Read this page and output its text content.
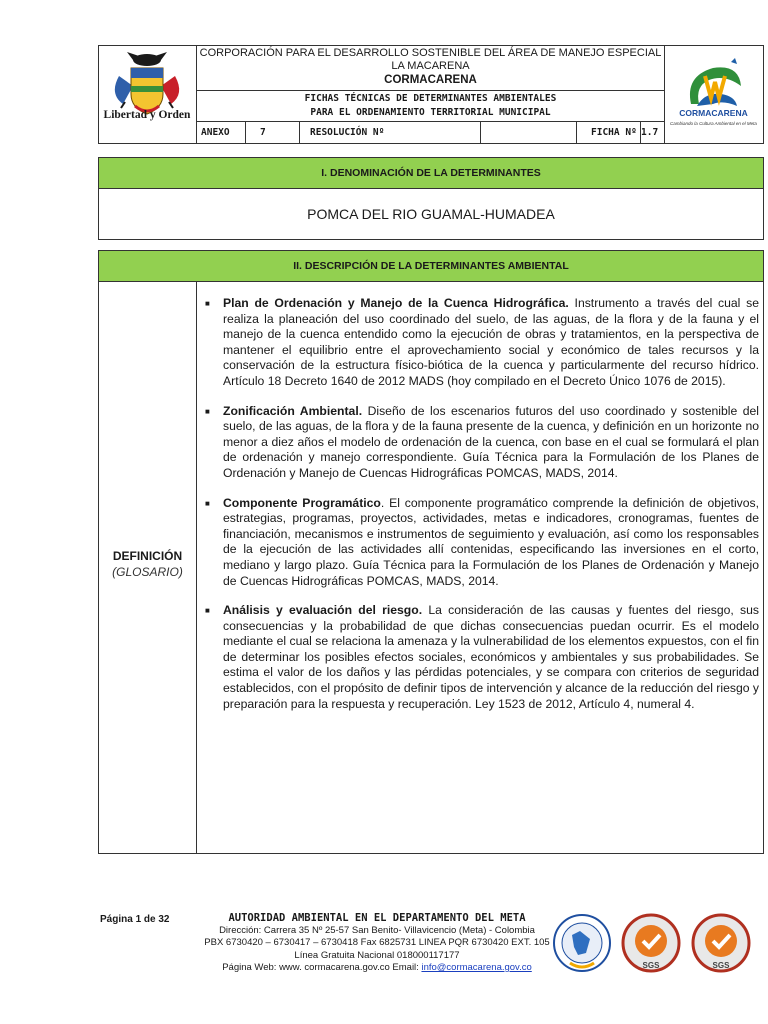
Libertad y Orden
CORPORACIÓN PARA EL DESARROLLO SOSTENIBLE DEL ÁREA DE MANEJO ESPECIAL LA MACARENA
CORMACARENA
FICHAS TÉCNICAS DE DETERMINANTES AMBIENTALES
PARA EL ORDENAMIENTO TERRITORIAL MUNICIPAL
ANEXO	7	RESOLUCIÓN Nº	FICHA Nº 1.7
CORMACARENA
Cambiando la Cultura Ambiental en el Meta
I. DENOMINACIÓN DE LA DETERMINANTES
POMCA DEL RIO GUAMAL-HUMADEA
II. DESCRIPCIÓN DE LA DETERMINANTES AMBIENTAL
DEFINICIÓN
(GLOSARIO)
■ Plan de Ordenación y Manejo de la Cuenca Hidrográfica. Instrumento a través del cual se realiza la planeación del uso coordinado del suelo, de las aguas, de la flora y de la fauna y el manejo de la cuenca entendido como la ejecución de obras y tratamientos, en la perspectiva de mantener el equilibrio entre el aprovechamiento social y económico de tales recursos y la conservación de la estructura físico-biótica de la cuenca y particularmente del recurso hídrico. Artículo 18 Decreto 1640 de 2012 MADS (hoy compilado en el Decreto Único 1076 de 2015).
■ Zonificación Ambiental. Diseño de los escenarios futuros del uso coordinado y sostenible del suelo, de las aguas, de la flora y de la fauna presente de la cuenca, y definición en un horizonte no menor a diez años el modelo de ordenación de la cuenca, con base en el cual se formulará el plan de ordenación y manejo correspondiente. Guía Técnica para la Formulación de los Planes de Ordenación y Manejo de Cuencas Hidrográficas POMCAS, MADS, 2014.
■ Componente Programático. El componente programático comprende la definición de objetivos, estrategias, programas, proyectos, actividades, metas e indicadores, cronogramas, fuentes de financiación, mecanismos e instrumentos de seguimiento y evaluación, así como los responsables de la ejecución de las actividades allí contenidas, especificando las inversiones en el corto, mediano y largo plazo. Guía Técnica para la Formulación de los Planes de Ordenación y Manejo de Cuencas Hidrográficas POMCAS, MADS, 2014.
■ Análisis y evaluación del riesgo. La consideración de las causas y fuentes del riesgo, sus consecuencias y la probabilidad de que dichas consecuencias puedan ocurrir. Es el modelo mediante el cual se relaciona la amenaza y la vulnerabilidad de los elementos expuestos, con el fin de determinar los posibles efectos sociales, económicos y ambientales y sus probabilidades. Se estima el valor de los daños y las pérdidas potenciales, y se compara con criterios de seguridad establecidos, con el propósito de definir tipos de intervención y alcance de la reducción del riesgo y preparación para la respuesta y recuperación. Ley 1523 de 2012, Artículo 4, numeral 4.
Página 1 de 32	AUTORIDAD AMBIENTAL EN EL DEPARTAMENTO DEL META
Dirección: Carrera 35 Nº 25-57 San Benito- Villavicencio (Meta) - Colombia
PBX 6730420 – 6730417 – 6730418 Fax 6825731 LINEA PQR 6730420 EXT. 105
Línea Gratuita Nacional 018000117177
Página Web: www. cormacarena.gov.co Email: info@cormacarena.gov.co	SGS	SGS
